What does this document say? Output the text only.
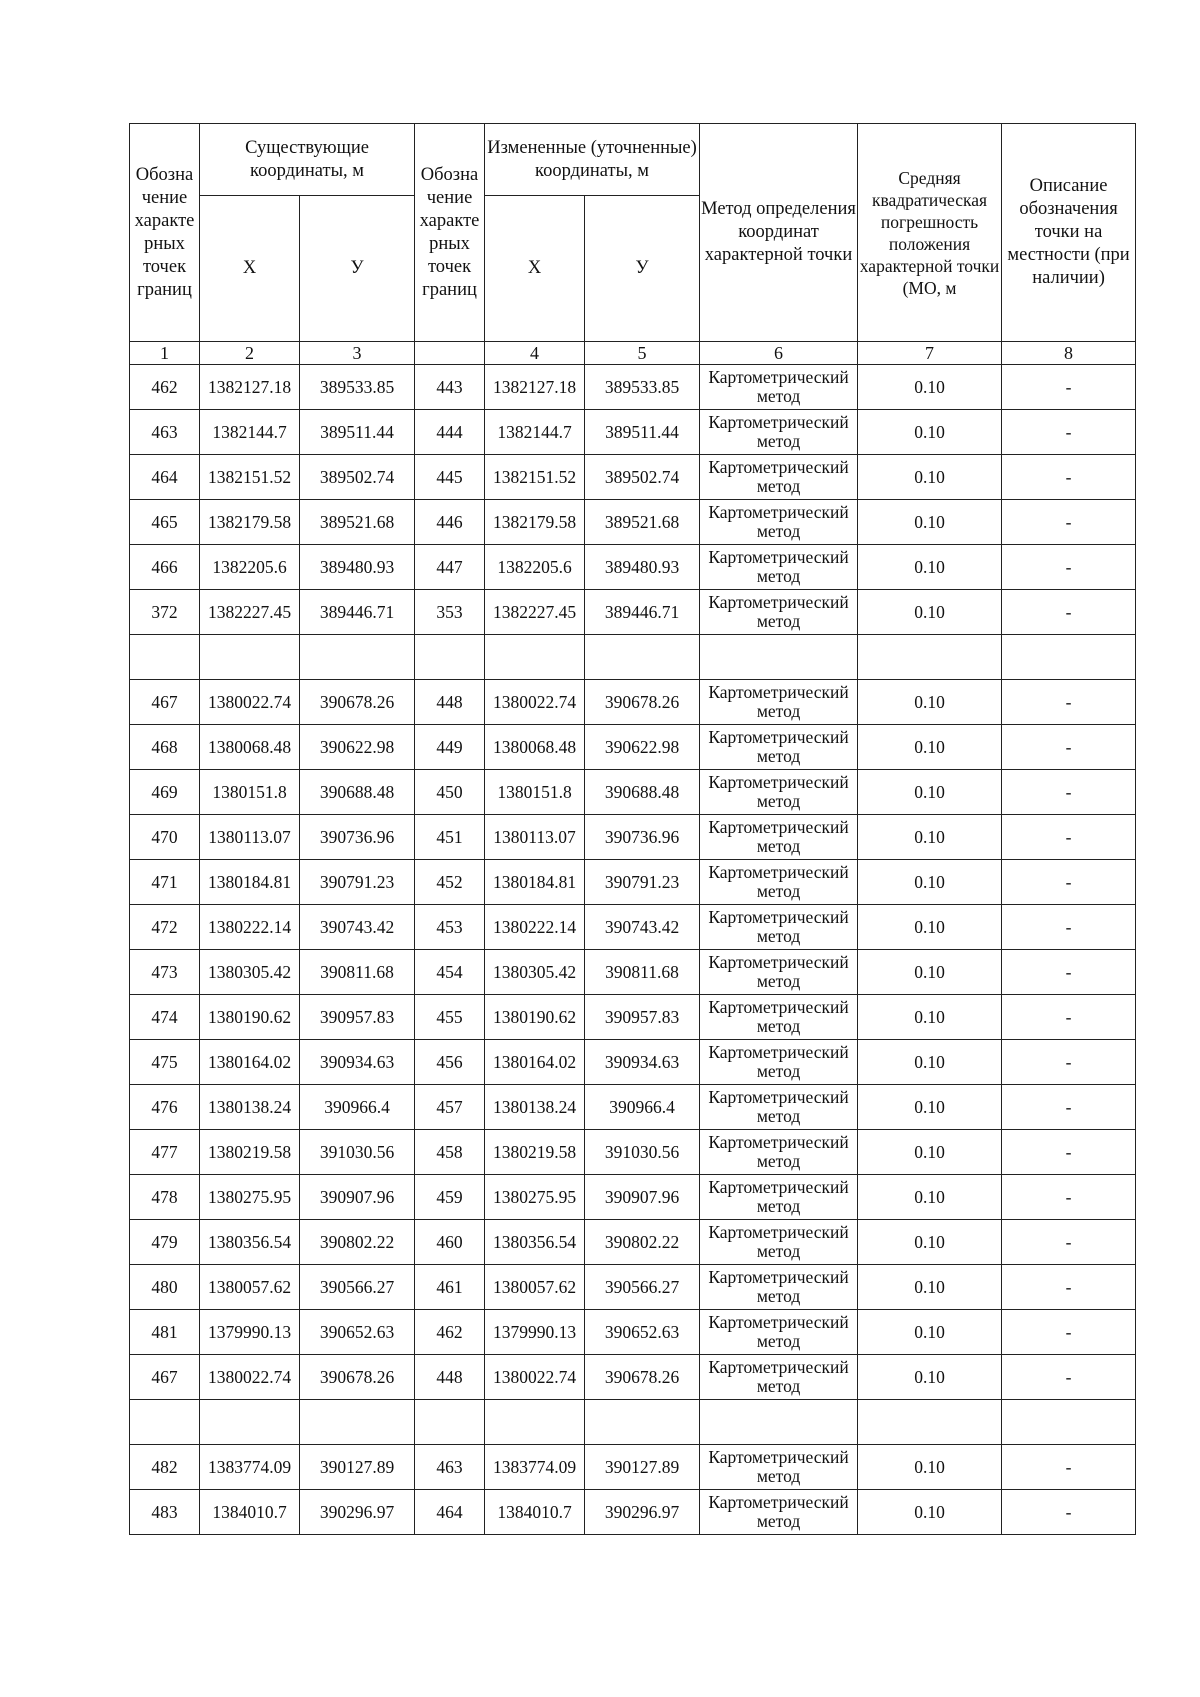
Обозна чение характе рных точек границ	Существующие координаты, м		Обозна чение характе рных точек границ	Измененные (уточненные) координаты, м		Метод определения координат характерной точки	Средняя квадратическая погрешность положения характерной точки (МО, м	Описание обозначения точки на местности (при наличии)
	Х	У		Х	У			
1	2	3		4	5	6	7	8
462	1382127.18	389533.85	443	1382127.18	389533.85	Картометрический метод	0.10	-
463	1382144.7	389511.44	444	1382144.7	389511.44	Картометрический метод	0.10	-
464	1382151.52	389502.74	445	1382151.52	389502.74	Картометрический метод	0.10	-
465	1382179.58	389521.68	446	1382179.58	389521.68	Картометрический метод	0.10	-
466	1382205.6	389480.93	447	1382205.6	389480.93	Картометрический метод	0.10	-
372	1382227.45	389446.71	353	1382227.45	389446.71	Картометрический метод	0.10	-

467	1380022.74	390678.26	448	1380022.74	390678.26	Картометрический метод	0.10	-
468	1380068.48	390622.98	449	1380068.48	390622.98	Картометрический метод	0.10	-
469	1380151.8	390688.48	450	1380151.8	390688.48	Картометрический метод	0.10	-
470	1380113.07	390736.96	451	1380113.07	390736.96	Картометрический метод	0.10	-
471	1380184.81	390791.23	452	1380184.81	390791.23	Картометрический метод	0.10	-
472	1380222.14	390743.42	453	1380222.14	390743.42	Картометрический метод	0.10	-
473	1380305.42	390811.68	454	1380305.42	390811.68	Картометрический метод	0.10	-
474	1380190.62	390957.83	455	1380190.62	390957.83	Картометрический метод	0.10	-
475	1380164.02	390934.63	456	1380164.02	390934.63	Картометрический метод	0.10	-
476	1380138.24	390966.4	457	1380138.24	390966.4	Картометрический метод	0.10	-
477	1380219.58	391030.56	458	1380219.58	391030.56	Картометрический метод	0.10	-
478	1380275.95	390907.96	459	1380275.95	390907.96	Картометрический метод	0.10	-
479	1380356.54	390802.22	460	1380356.54	390802.22	Картометрический метод	0.10	-
480	1380057.62	390566.27	461	1380057.62	390566.27	Картометрический метод	0.10	-
481	1379990.13	390652.63	462	1379990.13	390652.63	Картометрический метод	0.10	-
467	1380022.74	390678.26	448	1380022.74	390678.26	Картометрический метод	0.10	-

482	1383774.09	390127.89	463	1383774.09	390127.89	Картометрический метод	0.10	-
483	1384010.7	390296.97	464	1384010.7	390296.97	Картометрический метод	0.10	-
